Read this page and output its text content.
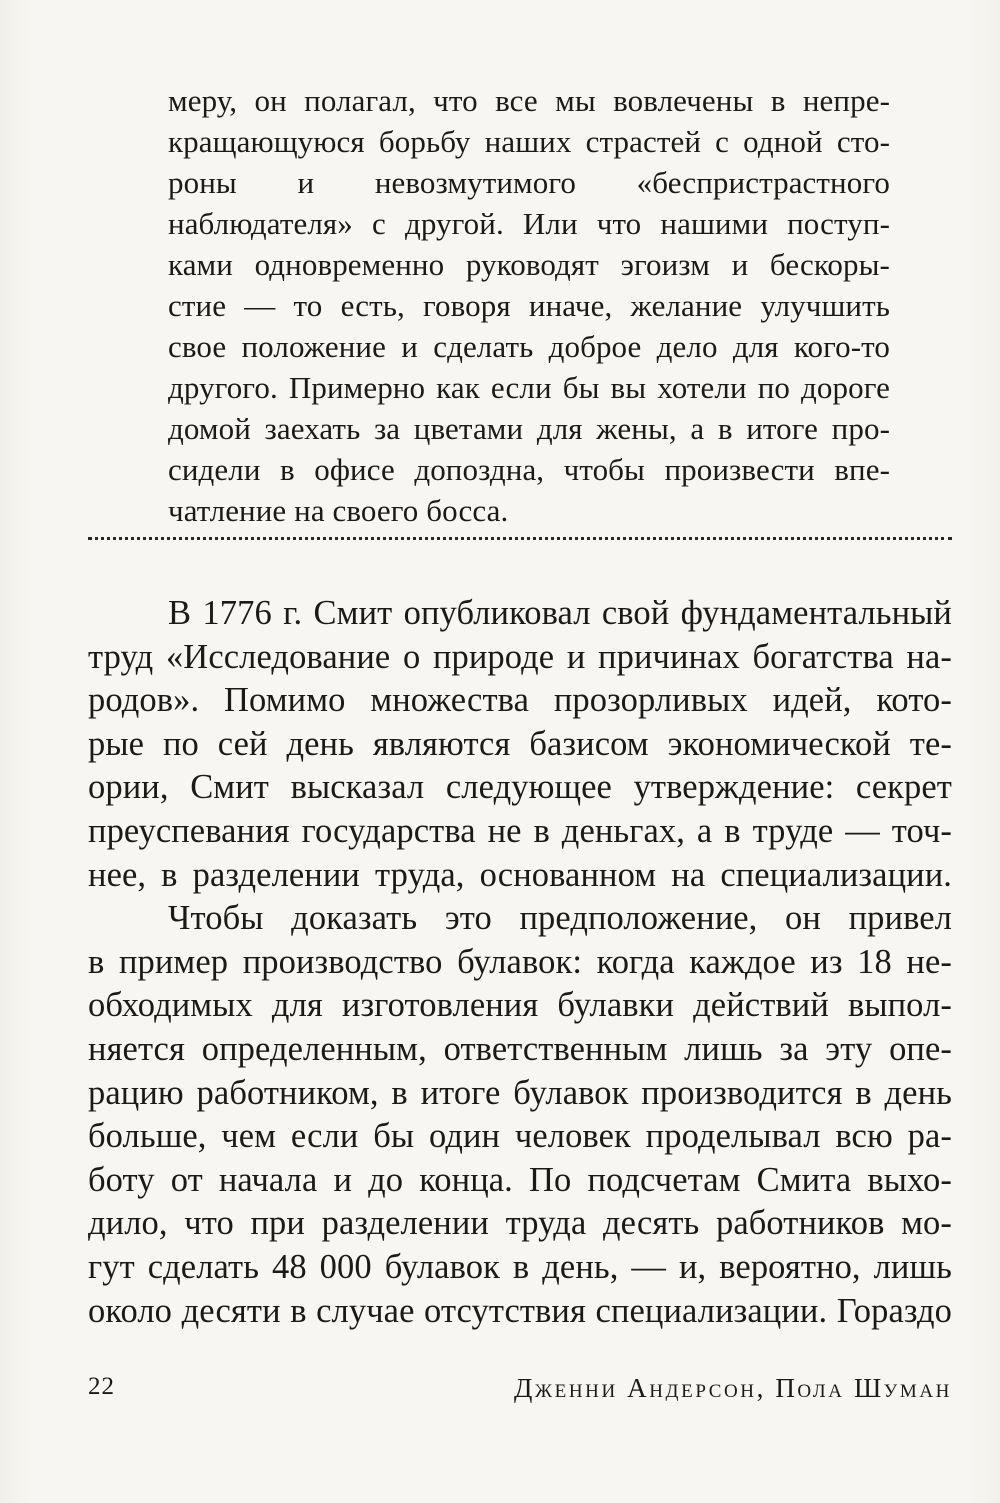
меру, он полагал, что все мы вовлечены в непре-

кращающуюся борьбу наших страстей с одной сто-

роны и невозмутимого «беспристрастного

наблюдателя» с другой. Или что нашими поступ-

ками одновременно руководят эгоизм и бескоры-

стие — то есть, говоря иначе, желание улучшить

свое положение и сделать доброе дело для кого-то

другого. Примерно как если бы вы хотели по дороге

домой заехать за цветами для жены, а в итоге про-

сидели в офисе допоздна, чтобы произвести впе-

чатление на своего босса.

В 1776 г. Смит опубликовал свой фундаментальный
труд «Исследование о природе и причинах богатства на-
родов». Помимо множества прозорливых идей, кото-
рые по сей день являются базисом экономической те-
ории, Смит высказал следующее утверждение: секрет
преуспевания государства не в деньгах, а в труде — точ-
нее, в разделении труда, основанном на специализации.
Чтобы доказать это предположение, он привел
в пример производство булавок: когда каждое из 18 не-
обходимых для изготовления булавки действий выпол-
няется определенным, ответственным лишь за эту опе-
рацию работником, в итоге булавок производится в день
больше, чем если бы один человек проделывал всю ра-
боту от начала и до конца. По подсчетам Смита выхо-
дило, что при разделении труда десять работников мо-
гут сделать 48 000 булавок в день, — и, вероятно, лишь
около десяти в случае отсутствия специализации. Гораздо
22	Дженни Андерсон, Пола Шуман
